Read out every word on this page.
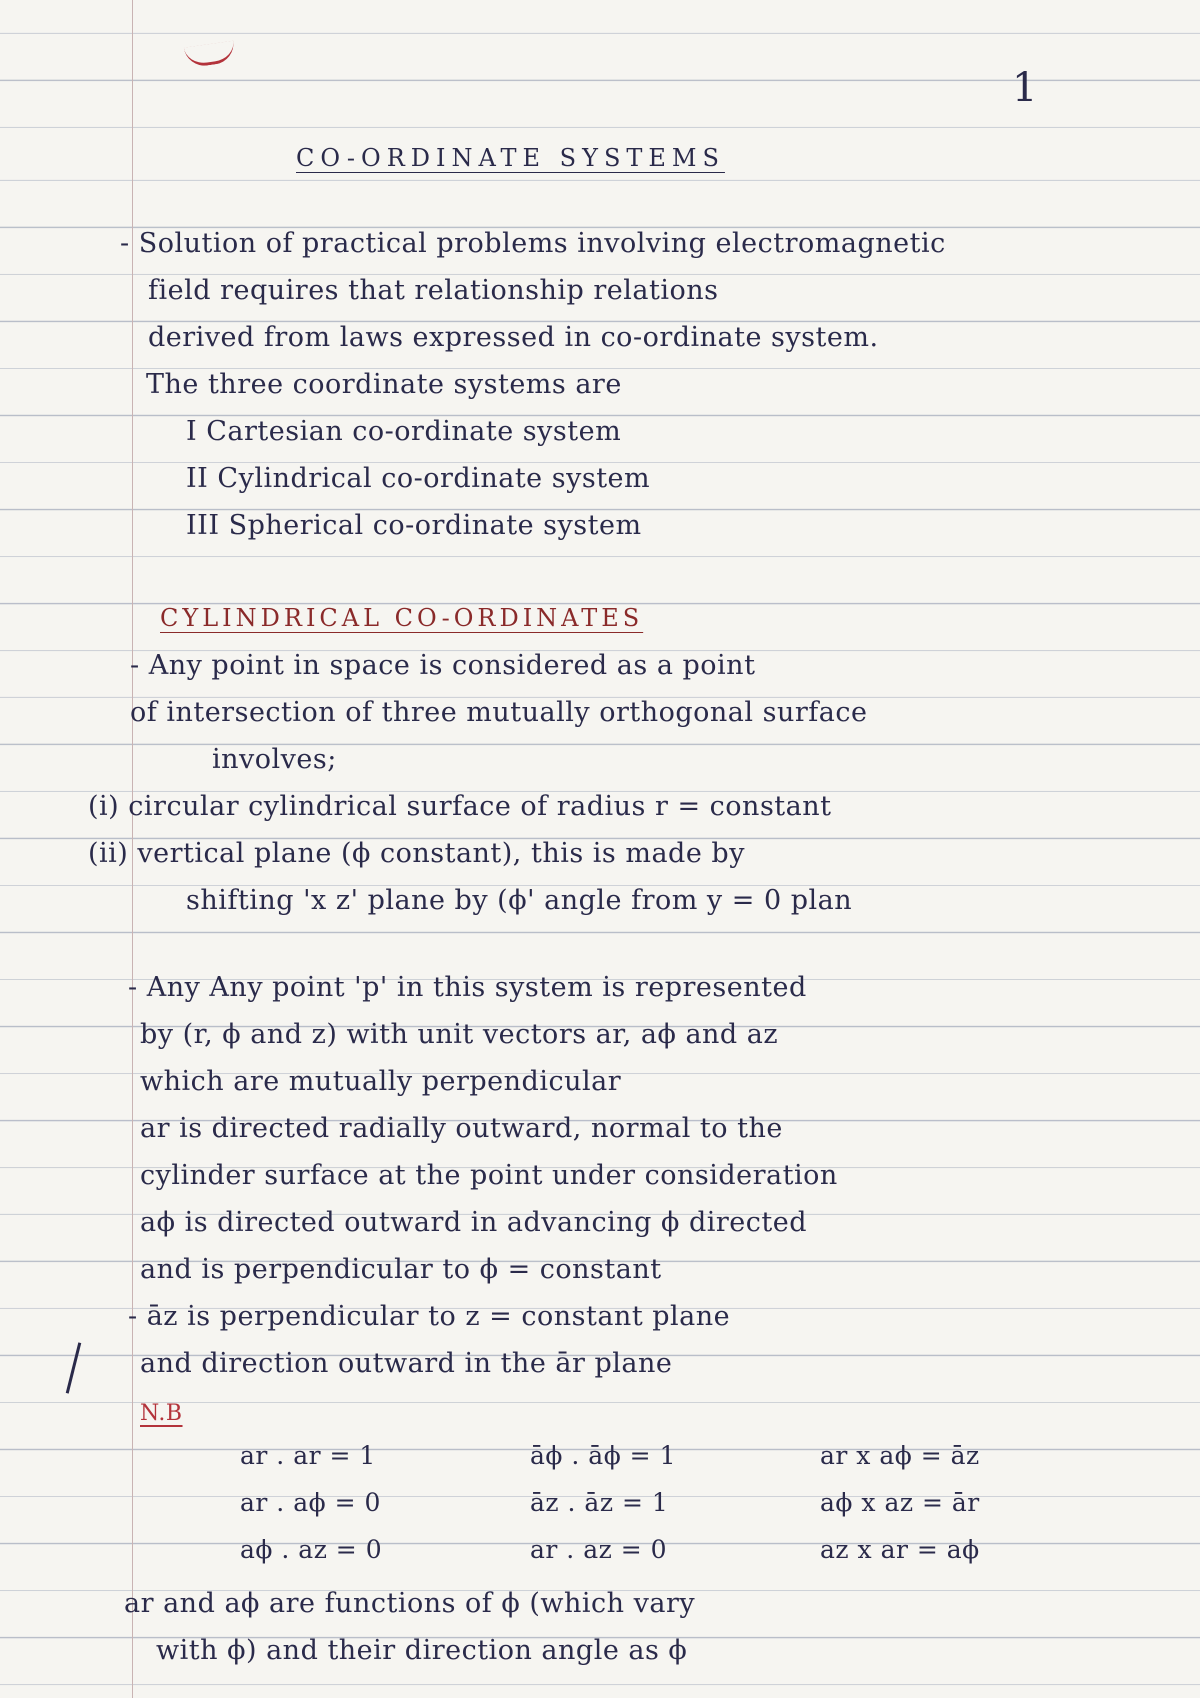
1
CO-ORDINATE SYSTEMS
- Solution of practical problems involving electromagnetic
field requires that relationship relations
derived from laws expressed in co-ordinate system.
The three coordinate systems are
I Cartesian co-ordinate system
II Cylindrical co-ordinate system
III Spherical co-ordinate system
CYLINDRICAL CO-ORDINATES
- Any point in space is considered as a point
of intersection of three mutually orthogonal surface
involves;
(i) circular cylindrical surface of radius r = constant
(ii) vertical plane (ϕ constant), this is made by
shifting 'x z' plane by (ϕ' angle from y = 0 plan
- Any Any point 'p' in this system is represented
by (r, ϕ and z) with unit vectors ar, aϕ and az
which are mutually perpendicular
ar is directed radially outward, normal to the
cylinder surface at the point under consideration
aϕ is directed outward in advancing ϕ directed
and is perpendicular to ϕ = constant
- āz is perpendicular to z = constant plane
and direction outward in the ār plane
N.B
ar . ar = 1
ar . aϕ = 0
aϕ . az = 0
āϕ . āϕ = 1
āz . āz = 1
ar . az = 0
ar x aϕ = āz
aϕ x az = ār
az x ar = aϕ
ar and aϕ are functions of ϕ (which vary
with ϕ) and their direction angle as ϕ
